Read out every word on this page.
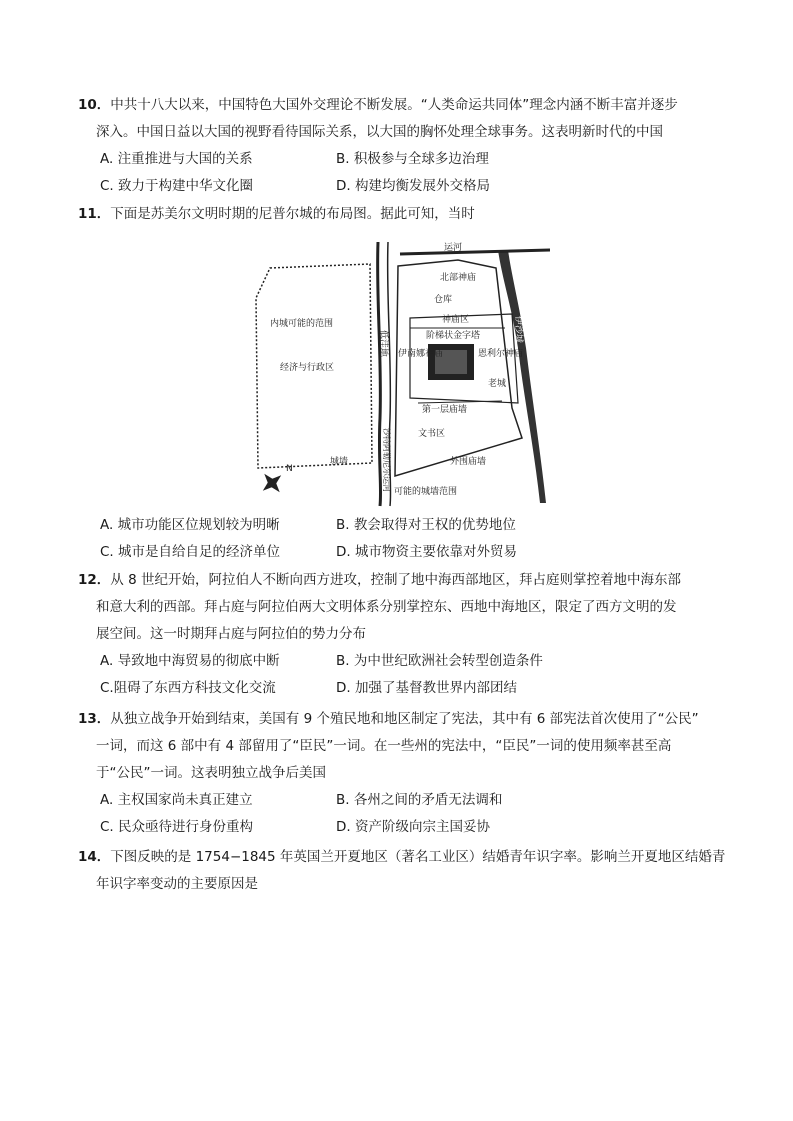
10．中共十八大以来，中国特色大国外交理论不断发展。“人类命运共同体”理念内涵不断丰富并逐步

深入。中国日益以大国的视野看待国际关系，以大国的胸怀处理全球事务。这表明新时代的中国

A. 注重推进与大国的关系	B. 积极参与全球多边治理
C. 致力于构建中华文化圈	D. 构建均衡发展外交格局

11．下面是苏美尔文明时期的尼普尔城的布局图。据此可知，当时

N
运河
北部神庙
仓库
神庙区
阶梯状金字塔
伊南娜神庙	恩利尔神庙
老城
第一层庙墙
文书区
外围庙墙
可能的城墙范围
内城可能的范围
经济与行政区
城墙
低洼地
沙特阿勒尼尔运河
伊沙城
A. 城市功能区位规划较为明晰	B. 教会取得对王权的优势地位
C. 城市是自给自足的经济单位	D. 城市物资主要依靠对外贸易

12．从 8 世纪开始，阿拉伯人不断向西方进攻，控制了地中海西部地区，拜占庭则掌控着地中海东部

和意大利的西部。拜占庭与阿拉伯两大文明体系分别掌控东、西地中海地区，限定了西方文明的发

展空间。这一时期拜占庭与阿拉伯的势力分布

A. 导致地中海贸易的彻底中断	B. 为中世纪欧洲社会转型创造条件
C.阻碍了东西方科技文化交流	D. 加强了基督教世界内部团结

13．从独立战争开始到结束，美国有 9 个殖民地和地区制定了宪法，其中有 6 部宪法首次使用了“公民”

一词，而这 6 部中有 4 部留用了“臣民”一词。在一些州的宪法中，“臣民”一词的使用频率甚至高

于“公民”一词。这表明独立战争后美国

A. 主权国家尚未真正建立	B. 各州之间的矛盾无法调和
C. 民众亟待进行身份重构	D. 资产阶级向宗主国妥协

14．下图反映的是 1754−1845 年英国兰开夏地区（著名工业区）结婚青年识字率。影响兰开夏地区结婚青

年识字率变动的主要原因是
